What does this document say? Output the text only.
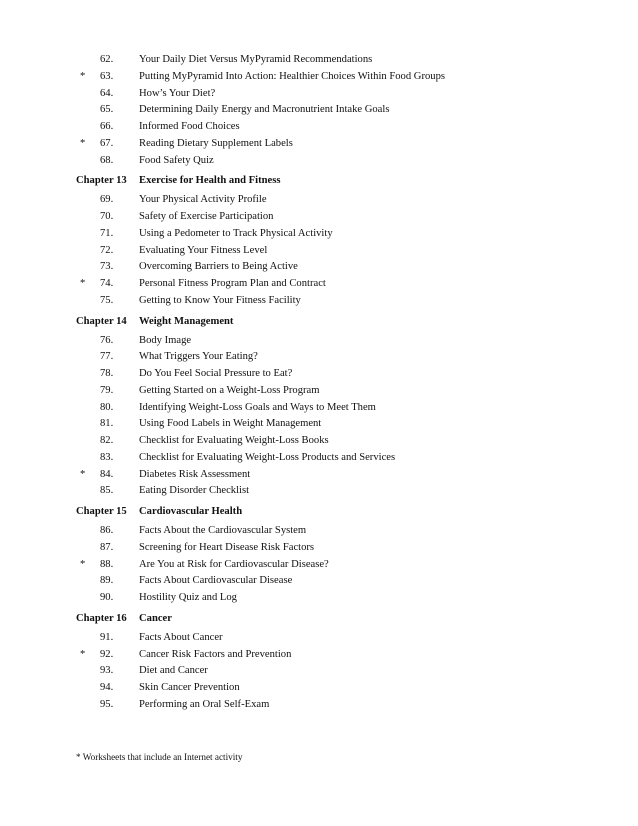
62. Your Daily Diet Versus MyPyramid Recommendations
* 63. Putting MyPyramid Into Action: Healthier Choices Within Food Groups
64. How’s Your Diet?
65. Determining Daily Energy and Macronutrient Intake Goals
66. Informed Food Choices
* 67. Reading Dietary Supplement Labels
68. Food Safety Quiz
Chapter 13 Exercise for Health and Fitness
69. Your Physical Activity Profile
70. Safety of Exercise Participation
71. Using a Pedometer to Track Physical Activity
72. Evaluating Your Fitness Level
73. Overcoming Barriers to Being Active
* 74. Personal Fitness Program Plan and Contract
75. Getting to Know Your Fitness Facility
Chapter 14 Weight Management
76. Body Image
77. What Triggers Your Eating?
78. Do You Feel Social Pressure to Eat?
79. Getting Started on a Weight-Loss Program
80. Identifying Weight-Loss Goals and Ways to Meet Them
81. Using Food Labels in Weight Management
82. Checklist for Evaluating Weight-Loss Books
83. Checklist for Evaluating Weight-Loss Products and Services
* 84. Diabetes Risk Assessment
85. Eating Disorder Checklist
Chapter 15 Cardiovascular Health
86. Facts About the Cardiovascular System
87. Screening for Heart Disease Risk Factors
* 88. Are You at Risk for Cardiovascular Disease?
89. Facts About Cardiovascular Disease
90. Hostility Quiz and Log
Chapter 16 Cancer
91. Facts About Cancer
* 92. Cancer Risk Factors and Prevention
93. Diet and Cancer
94. Skin Cancer Prevention
95. Performing an Oral Self-Exam
* Worksheets that include an Internet activity
